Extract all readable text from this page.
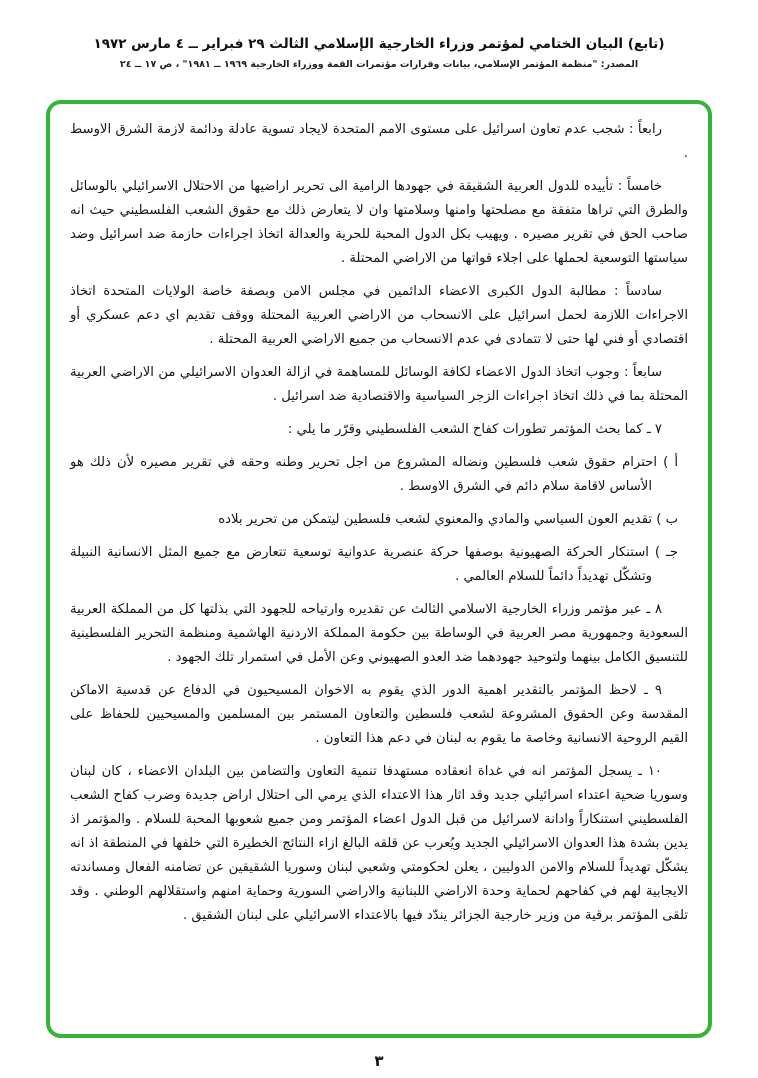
(تابع) البيان الختامي لمؤتمر وزراء الخارجية الإسلامي الثالث ٢٩ فبراير ــ ٤ مارس ١٩٧٢
المصدر: "منظمة المؤتمر الإسلامي، بيانات وقرارات مؤتمرات القمة ووزراء الخارجية ١٩٦٩ ــ ١٩٨١" ، ص ١٧ ــ ٢٤

رابعاً : شجب عدم تعاون اسرائيل على مستوى الامم المتحدة لايجاد تسوية عادلة ودائمة لازمة الشرق الاوسط .

خامساً : تأييده للدول العربية الشقيقة في جهودها الرامية الى تحرير اراضيها من الاحتلال الاسرائيلي بالوسائل والطرق التي تراها متفقة مع مصلحتها وامنها وسلامتها وان لا يتعارض ذلك مع حقوق الشعب الفلسطيني حيث انه صاحب الحق في تقرير مصيره . ويهيب بكل الدول المحبة للحرية والعدالة اتخاذ اجراءات حازمة ضد اسرائيل وضد سياستها التوسعية لحملها على اجلاء قواتها من الاراضي المحتلة .

سادساً : مطالبة الدول الكبرى الاعضاء الدائمين في مجلس الامن وبصفة خاصة الولايات المتحدة اتخاذ الاجراءات اللازمة لحمل اسرائيل على الانسحاب من الاراضي العربية المحتلة ووقف تقديم اي دعم عسكري أو اقتصادي أو فني لها حتى لا تتمادى في عدم الانسحاب من جميع الاراضي العربية المحتلة .

سابعاً : وجوب اتخاذ الدول الاعضاء لكافة الوسائل للمساهمة في ازالة العدوان الاسرائيلي من الاراضي العربية المحتلة بما في ذلك اتخاذ اجراءات الزجر السياسية والاقتصادية ضد اسرائيل .

٧ ـ كما بحث المؤتمر تطورات كفاح الشعب الفلسطيني وقرّر ما يلي :

أ ) احترام حقوق شعب فلسطين ونضاله المشروع من اجل تحرير وطنه وحقه في تقرير مصيره لأن ذلك هو الأساس لاقامة سلام دائم في الشرق الاوسط .

ب ) تقديم العون السياسي والمادي والمعنوي لشعب فلسطين ليتمكن من تحرير بلاده

جـ ) استنكار الحركة الصهيونية بوصفها حركة عنصرية عدوانية توسعية تتعارض مع جميع المثل الانسانية النبيلة وتشكّل تهديداً دائماً للسلام العالمي .

٨ ـ عبر مؤتمر وزراء الخارجية الاسلامي الثالث عن تقديره وارتياحه للجهود التي بذلتها كل من المملكة العربية السعودية وجمهورية مصر العربية في الوساطة بين حكومة المملكة الاردنية الهاشمية ومنظمة التحرير الفلسطينية للتنسيق الكامل بينهما ولتوحيد جهودهما ضد العدو الصهيوني وعن الأمل في استمرار تلك الجهود .

٩ ـ لاحظ المؤتمر بالتقدير اهمية الدور الذي يقوم به الاخوان المسيحيون في الدفاع عن قدسية الاماكن المقدسة وعن الحقوق المشروعة لشعب فلسطين والتعاون المستمر بين المسلمين والمسيحيين للحفاظ على القيم الروحية الانسانية وخاصة ما يقوم به لبنان في دعم هذا التعاون .

١٠ ـ يسجل المؤتمر انه في غداة انعقاده مستهدفا تنمية التعاون والتضامن بين البلدان الاعضاء ، كان لبنان وسوريا ضحية اعتداء اسرائيلي جديد وقد اثار هذا الاعتداء الذي يرمي الى احتلال اراض جديدة وضرب كفاح الشعب الفلسطيني استنكاراً وادانة لاسرائيل من قبل الدول اعضاء المؤتمر ومن جميع شعوبها المحبة للسلام . والمؤتمر اذ يدين بشدة هذا العدوان الاسرائيلي الجديد ويُعرب عن قلقه البالغ ازاء النتائج الخطيرة التي خلفها في المنطقة اذ انه يشكّل تهديداً للسلام والامن الدوليين ، يعلن لحكومتي وشعبي لبنان وسوريا الشقيقين عن تضامنه الفعال ومساندته الايجابية لهم في كفاحهم لحماية وحدة الاراضي اللبنانية والاراضي السورية وحماية امنهم واستقلالهم الوطني . وقد تلقى المؤتمر برقية من وزير خارجية الجزائر يندّد فيها بالاعتداء الاسرائيلي على لبنان الشقيق .

٣
